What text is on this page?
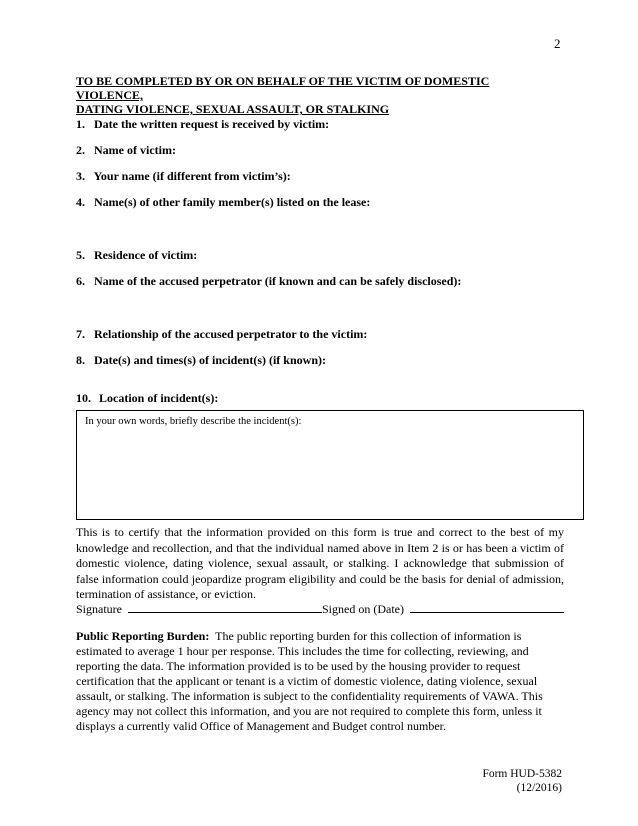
2
TO BE COMPLETED BY OR ON BEHALF OF THE VICTIM OF DOMESTIC VIOLENCE,
DATING VIOLENCE, SEXUAL ASSAULT, OR STALKING
1. Date the written request is received by victim:
2. Name of victim:
3. Your name (if different from victim’s):
4. Name(s) of other family member(s) listed on the lease:
5. Residence of victim:
6. Name of the accused perpetrator (if known and can be safely disclosed):
7. Relationship of the accused perpetrator to the victim:
8. Date(s) and times(s) of incident(s) (if known):
10. Location of incident(s):
In your own words, briefly describe the incident(s):
This is to certify that the information provided on this form is true and correct to the best of my knowledge and recollection, and that the individual named above in Item 2 is or has been a victim of domestic violence, dating violence, sexual assault, or stalking. I acknowledge that submission of false information could jeopardize program eligibility and could be the basis for denial of admission, termination of assistance, or eviction.
Signature	Signed on (Date)
Public Reporting Burden: The public reporting burden for this collection of information is estimated to average 1 hour per response. This includes the time for collecting, reviewing, and reporting the data. The information provided is to be used by the housing provider to request certification that the applicant or tenant is a victim of domestic violence, dating violence, sexual assault, or stalking. The information is subject to the confidentiality requirements of VAWA. This agency may not collect this information, and you are not required to complete this form, unless it displays a currently valid Office of Management and Budget control number.
Form HUD-5382
(12/2016)
